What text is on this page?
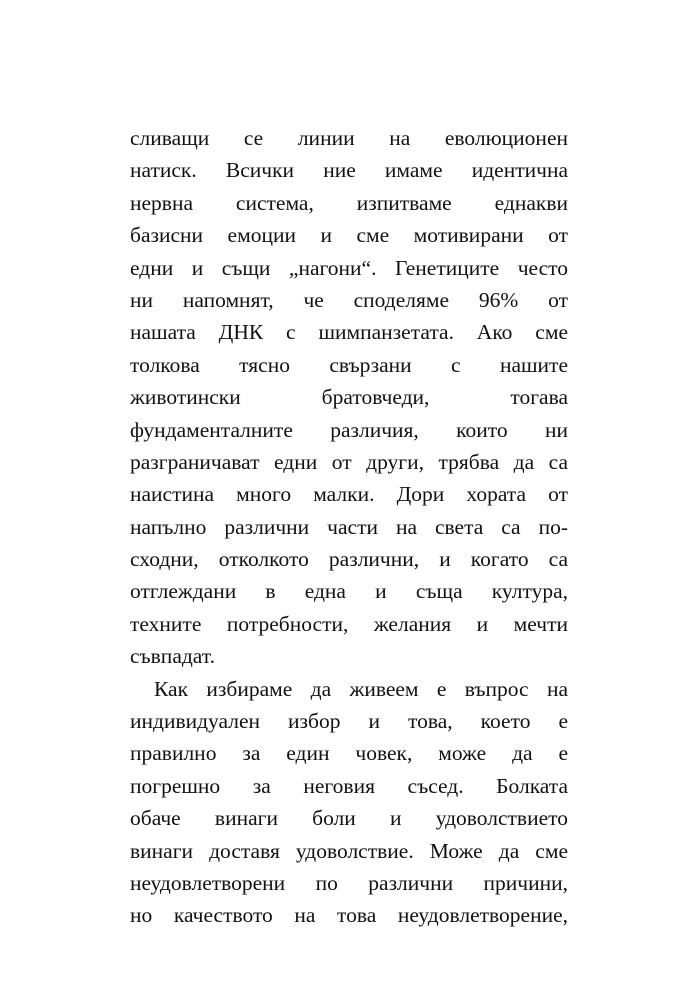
сливащи се линии на еволюционен
натиск. Всички ние имаме идентична
нервна система, изпитваме еднакви
базисни емоции и сме мотивирани от
едни и същи „нагони“. Генетиците често
ни напомнят, че споделяме 96% от
нашата ДНК с шимпанзетата. Ако сме
толкова тясно свързани с нашите
животински братовчеди, тогава
фундаменталните различия, които ни
разграничават едни от други, трябва да са
наистина много малки. Дори хората от
напълно различни части на света са по-
сходни, отколкото различни, и когато са
отглеждани в една и съща култура,
техните потребности, желания и мечти
съвпадат.
Как избираме да живеем е въпрос на
индивидуален избор и това, което е
правилно за един човек, може да е
погрешно за неговия съсед. Болката
обаче винаги боли и удоволствието
винаги доставя удоволствие. Може да сме
неудовлетворени по различни причини,
но качеството на това неудовлетворение,
